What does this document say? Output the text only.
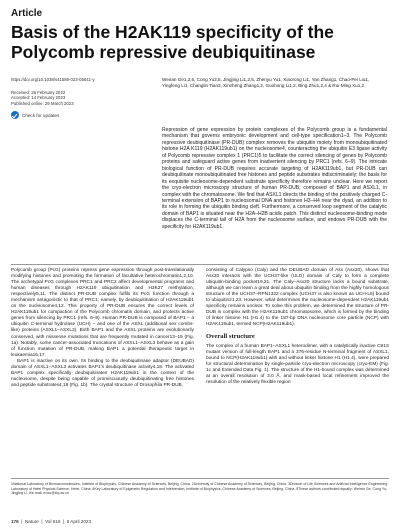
Article
Basis of the H2AK119 specificity of the Polycomb repressive deubiquitinase
https://doi.org/10.1038/s41586-023-05841-y
Received: 26 February 2022
Accepted: 14 February 2023
Published online: 29 March 2023
Check for updates
Weiran Ge1,2,5, Cong Yu3,5, Jingjing Li1,2,5, Zhenyu Yu1, Xiaorong Li1, Yan Zhang1, Chao-Pei Liu1, Yingfeng Li1, Changlin Tian3, Xinzheng Zhang1,2, Guohong Li1,2, Bing Zhu1,2,4 & Rui-Ming Xu1,2
Repression of gene expression by protein complexes of the Polycomb group is a fundamental mechanism that governs embryonic development and cell-type specification1–3. The Polycomb repressive deubiquitinase (PR-DUB) complex removes the ubiquitin moiety from monoubiquitinated histone H2A K119 (H2AK119ub1) on the nucleosome4, counteracting the ubiquitin E3 ligase activity of Polycomb repressive complex 1 (PRC1)5 to facilitate the correct silencing of genes by Polycomb proteins and safeguard active genes from inadvertent silencing by PRC1 (refs. 6–9). The intricate biological function of PR-DUB requires accurate targeting of H2AK119ub1, but PR-DUB can deubiquitinate monoubiquitinated free histones and peptide substrates indiscriminately; the basis for its exquisite nucleosome-dependent substrate specificity therefore remains unclear. Here we report the cryo-electron microscopy structure of human PR-DUB, composed of BAP1 and ASXL1, in complex with the chromatosome. We find that ASXL1 directs the binding of the positively charged C-terminal extension of BAP1 to nucleosomal DNA and histones H3–H4 near the dyad, an addition to its role in forming the ubiquitin binding cleft. Furthermore, a conserved loop segment of the catalytic domain of BAP1 is situated near the H2A–H2B acidic patch. This distinct nucleosome-binding mode displaces the C-terminal tail of H2A from the nucleosome surface, and endows PR-DUB with the specificity for H2AK119ub1.

Polycomb group (PcG) proteins repress gene expression through post-translationally modifying histones and promoting the formation of facultative heterochromatin1,2,10. The archetypal PcG complexes PRC1 and PRC2 affect developmental programs and human diseases through H2AK119 ubiquitination and H3K27 methylation, respectively5,11. The distinct PR-DUB complex fulfils its PcG function through a mechanism antagonistic to that of PRC1; namely, by deubiquitination of H2AK119ub1 on the nucleosome4,12. This property of PR-DUB ensures the correct levels of H2AK119ub1 for compaction of the Polycomb chromatin domain, and protects active genes from silencing by PRC1 (refs. 6–9). Human PR-DUB is composed of BAP1 – a ubiquitin C-terminal hydrolase (UCH) – and one of the ASXL (additional sex combs-like) proteins (ASXL1–ASXL3). Both BAP1 and the ASXL proteins are evolutionarily conserved, with missense mutations that are frequently mutated in cancer13–15 (Fig. 1a). Notably, some cancer-associated truncations of ASXL1–ASXL3 behave as a gain of function mutation of PR-DUB, making BAP1 a potential therapeutic target in leukaemia16,17.

BAP1 is inactive on its own. Its binding to the deubiquitinase adaptor (DEUBAD) domain of ASXL1–ASXL3 activates BAP1’s deubiquitinase activity4,18. The activated BAP1 complex specifically deubiquitinates H2AK119ub1 in the context of the nucleosome, despite being capable of promiscuously deubiquitinating free histones and peptide substrates4,19 (Fig. 1b). The crystal structure of Drosophila PR-DUB,

consisting of Calypso (Caly) and the DEUBAD domain of Asx (Asx20), shows that Asx20 interacts with the UCH37-like (ULD) domain of Caly to form a complete ubiquitin-binding pocket19,21. The Caly–Asx20 structure lacks a bound substrate, although we can learn a great deal about ubiquitin binding from the highly homologous structure of the UCH37–RPN1322 complex (UCH37 is also known as UCH-L5) bound to ubiquitin21,23. However, what determines the nucleosome-dependent H2AK119ub1 specificity remains unclear. To solve this problem, we determined the structure of PR-DUB in complex with the H2AK119ub1 chromatosome, which is formed by the binding of linker histone H1 (H1.4) to the 187-bp DNA nucleosome core particle (NCP) with H2AK119ub1, termed NCP(H2AK119ub1).

Overall structure

The complex of a human BAP1–ASXL1 heterodimer, with a catalytically inactive C91S mutant version of full-length BAP1 and a 376-residue N-terminal fragment of ASXL1, bound to NCP(H2AK119ub1) with and without linker histone H1 (H1.4), were prepared for structural determination by single-particle cryo-electron microscopy (cryo-EM) (Fig. 1c and Extended Data Fig. 1). The structure of the H1-bound complex was determined at an overall resolution of 3.0 Å, and mask-based local refinement improved the resolution of the relatively flexible region

1National Laboratory of Biomacromolecules, Institute of Biophysics, Chinese Academy of Sciences, Beijing, China. 2University of Chinese Academy of Sciences, Beijing, China. 3Division of Life Sciences and Artificial Intelligence Engineering Laboratory of Hefei Physical Science, Hefei, China. 4Key Laboratory of Epigenetic Regulation and Intervention, Institute of Biophysics, Chinese Academy of Sciences, Beijing, China. 5These authors contributed equally: Weiran Ge, Cong Yu, Jingjing Li. ✉e-mail: rmxu@ibp.ac.cn
176  |  Nature  |  Vol 616  |  6 April 2023
